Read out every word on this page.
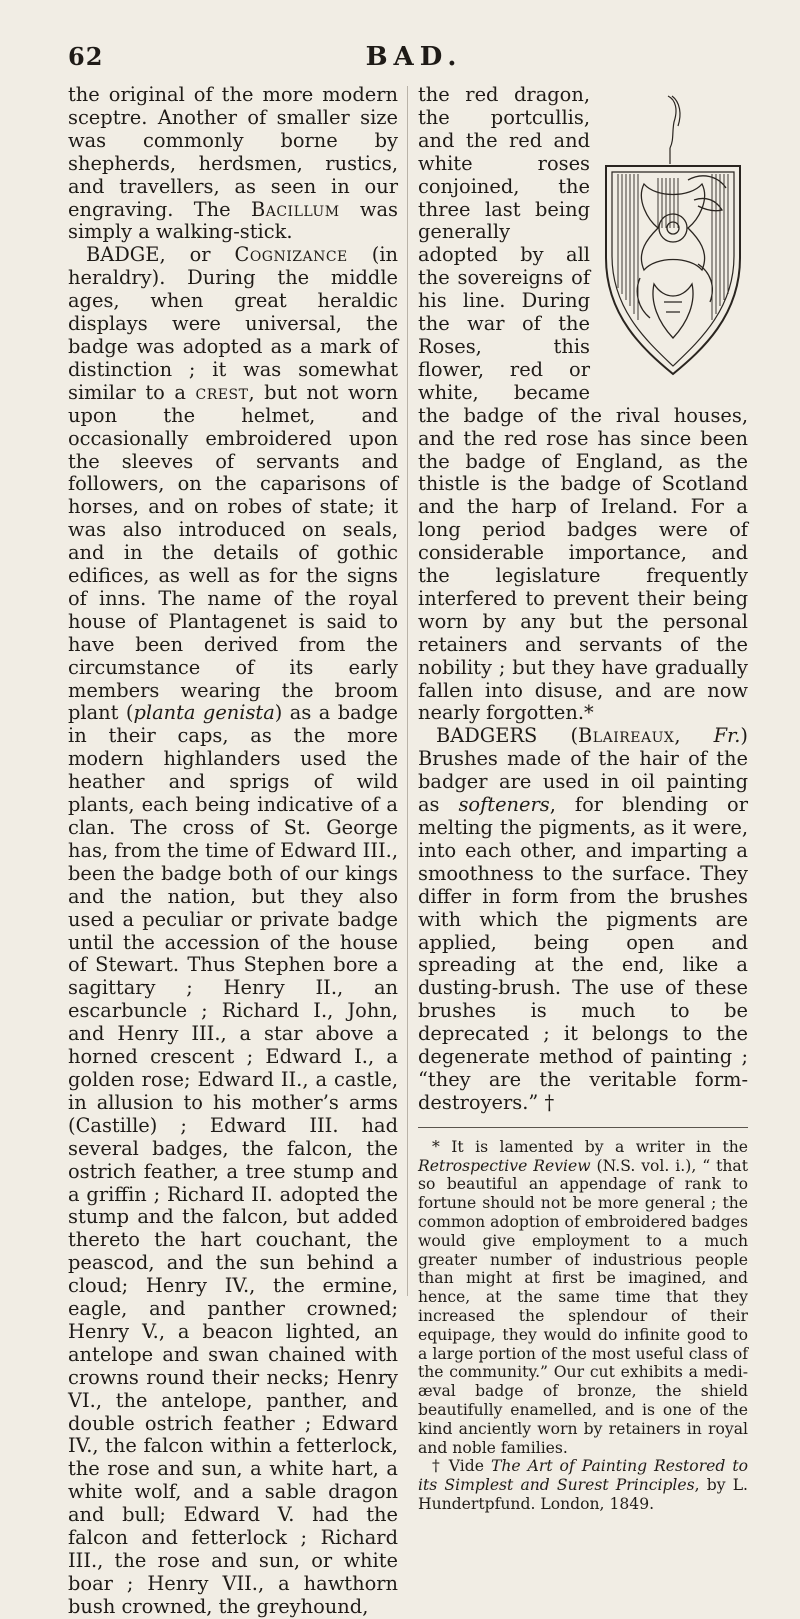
62	BAD.

the original of the more modern sceptre. Another of smaller size was commonly borne by shepherds, herdsmen, rustics, and travellers, as seen in our engraving. The Bacillum was simply a walking-stick.

BADGE, or Cognizance (in heraldry). During the middle ages, when great heraldic displays were universal, the badge was adopted as a mark of distinction ; it was somewhat similar to a crest, but not worn upon the helmet, and occasionally embroidered upon the sleeves of servants and followers, on the caparisons of horses, and on robes of state; it was also introduced on seals, and in the details of gothic edifices, as well as for the signs of inns. The name of the royal house of Plantagenet is said to have been derived from the circumstance of its early members wearing the broom plant (planta genista) as a badge in their caps, as the more modern highlanders used the heather and sprigs of wild plants, each being indicative of a clan. The cross of St. George has, from the time of Edward III., been the badge both of our kings and the nation, but they also used a peculiar or private badge until the accession of the house of Stewart. Thus Stephen bore a sagittary ; Henry II., an escarbuncle ; Richard I., John, and Henry III., a star above a horned crescent ; Edward I., a golden rose; Edward II., a castle, in allusion to his mother’s arms (Castille) ; Edward III. had several badges, the falcon, the ostrich feather, a tree stump and a griffin ; Richard II. adopted the stump and the falcon, but added thereto the hart couchant, the peascod, and the sun behind a cloud; Henry IV., the ermine, eagle, and panther crowned; Henry V., a beacon lighted, an antelope and swan chained with crowns round their necks; Henry VI., the antelope, panther, and double ostrich feather ; Edward IV., the falcon within a fetterlock, the rose and sun, a white hart, a white wolf, and a sable dragon and bull; Edward V. had the falcon and fetterlock ; Richard III., the rose and sun, or white boar ; Henry VII., a hawthorn bush crowned, the greyhound,

the red dragon, the portcullis, and the red and white roses conjoined, the three last being generally adopted by all the sovereigns of his line. During the war of the Roses, this flower, red or white, became the badge of the rival houses, and the red rose has since been the badge of England, as the thistle is the badge of Scotland and the harp of Ireland. For a long period badges were of considerable importance, and the legislature frequently interfered to prevent their being worn by any but the personal retainers and servants of the nobility ; but they have gradually fallen into disuse, and are now nearly forgotten.*

BADGERS (Blaireaux, Fr.) Brushes made of the hair of the badger are used in oil painting as softeners, for blending or melting the pigments, as it were, into each other, and imparting a smoothness to the surface. They differ in form from the brushes with which the pigments are applied, being open and spreading at the end, like a dusting-brush. The use of these brushes is much to be deprecated ; it belongs to the degenerate method of painting ; “they are the veritable form-destroyers.” †

* It is lamented by a writer in the Retrospective Review (N.S. vol. i.), “ that so beautiful an appendage of rank to fortune should not be more general ; the common adoption of embroidered badges would give employment to a much greater number of industrious people than might at first be imagined, and hence, at the same time that they increased the splendour of their equipage, they would do infinite good to a large portion of the most useful class of the community.” Our cut exhibits a medi-æval badge of bronze, the shield beautifully enamelled, and is one of the kind anciently worn by retainers in royal and noble families.

† Vide The Art of Painting Restored to its Simplest and Surest Principles, by L. Hundertpfund. London, 1849.
